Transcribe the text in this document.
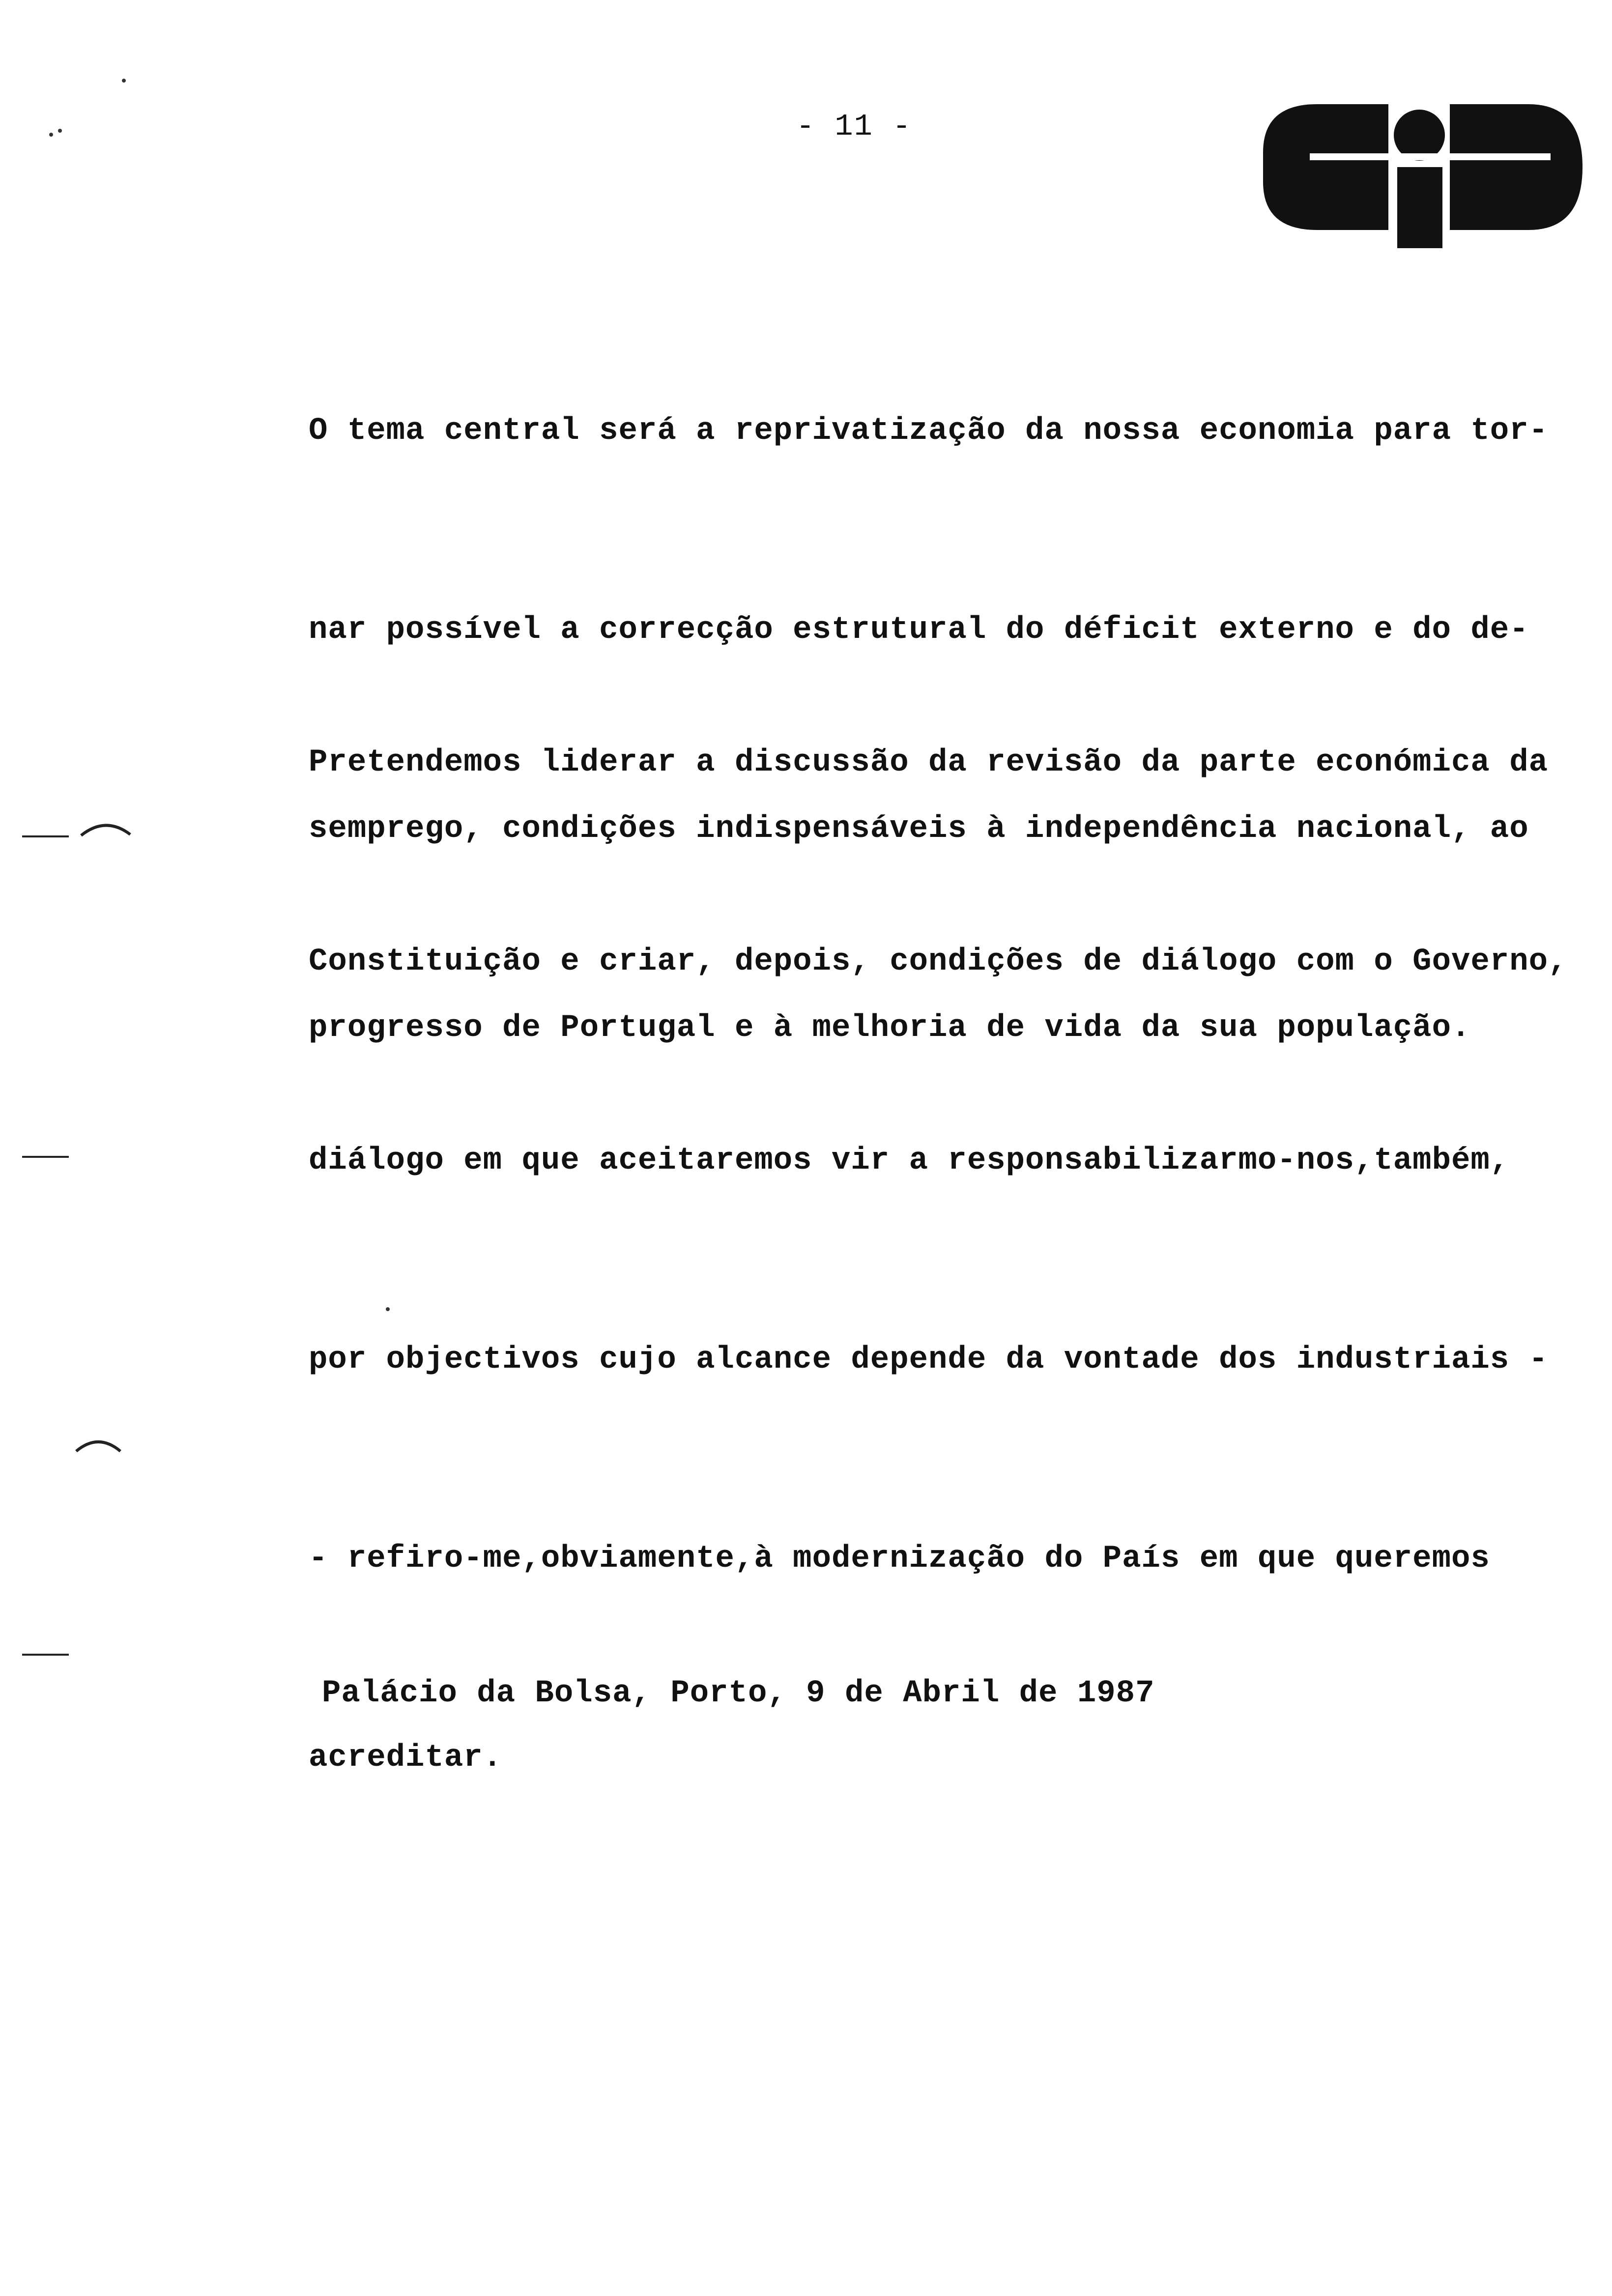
- 11 -

O tema central será a reprivatização da nossa economia para tor-

nar possível a correcção estrutural do déficit externo e do de-

semprego, condições indispensáveis à independência nacional, ao

progresso de Portugal e à melhoria de vida da sua população.

Pretendemos liderar a discussão da revisão da parte económica da

Constituição e criar, depois, condições de diálogo com o Governo,

diálogo em que aceitaremos vir a responsabilizarmo-nos,também,

por objectivos cujo alcance depende da vontade dos industriais -

- refiro-me,obviamente,à modernização do País em que queremos

acreditar.

Palácio da Bolsa, Porto, 9 de Abril de 1987
